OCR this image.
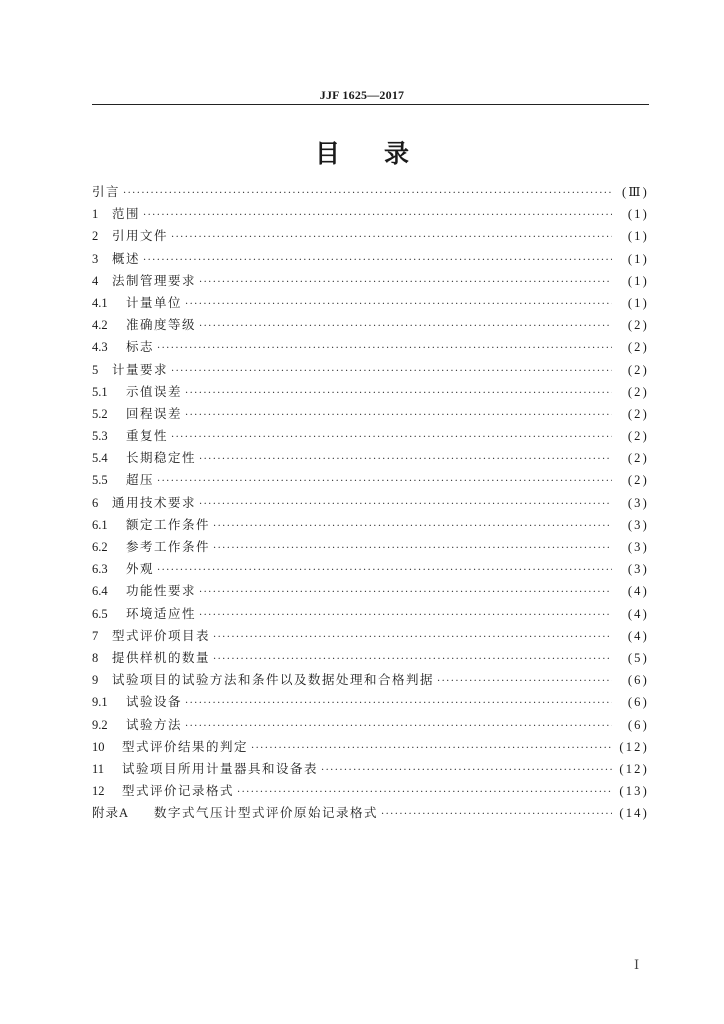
JJF 1625—2017
目录
引言 ·····	(Ⅲ)
1	范围 ·····	(1)
2	引用文件 ·····	(1)
3	概述 ·····	(1)
4	法制管理要求 ·····	(1)
4.1	计量单位 ·····	(1)
4.2	准确度等级 ·····	(2)
4.3	标志 ·····	(2)
5	计量要求 ·····	(2)
5.1	示值误差 ·····	(2)
5.2	回程误差 ·····	(2)
5.3	重复性 ·····	(2)
5.4	长期稳定性 ·····	(2)
5.5	超压 ·····	(2)
6	通用技术要求 ·····	(3)
6.1	额定工作条件 ·····	(3)
6.2	参考工作条件 ·····	(3)
6.3	外观 ·····	(3)
6.4	功能性要求 ·····	(4)
6.5	环境适应性 ·····	(4)
7	型式评价项目表 ·····	(4)
8	提供样机的数量 ·····	(5)
9	试验项目的试验方法和条件以及数据处理和合格判据 ·····	(6)
9.1	试验设备 ·····	(6)
9.2	试验方法 ·····	(6)
10	型式评价结果的判定 ·····	(12)
11	试验项目所用计量器具和设备表 ·····	(12)
12	型式评价记录格式 ·····	(13)
附录A	数字式气压计型式评价原始记录格式 ·····	(14)
Ⅰ
